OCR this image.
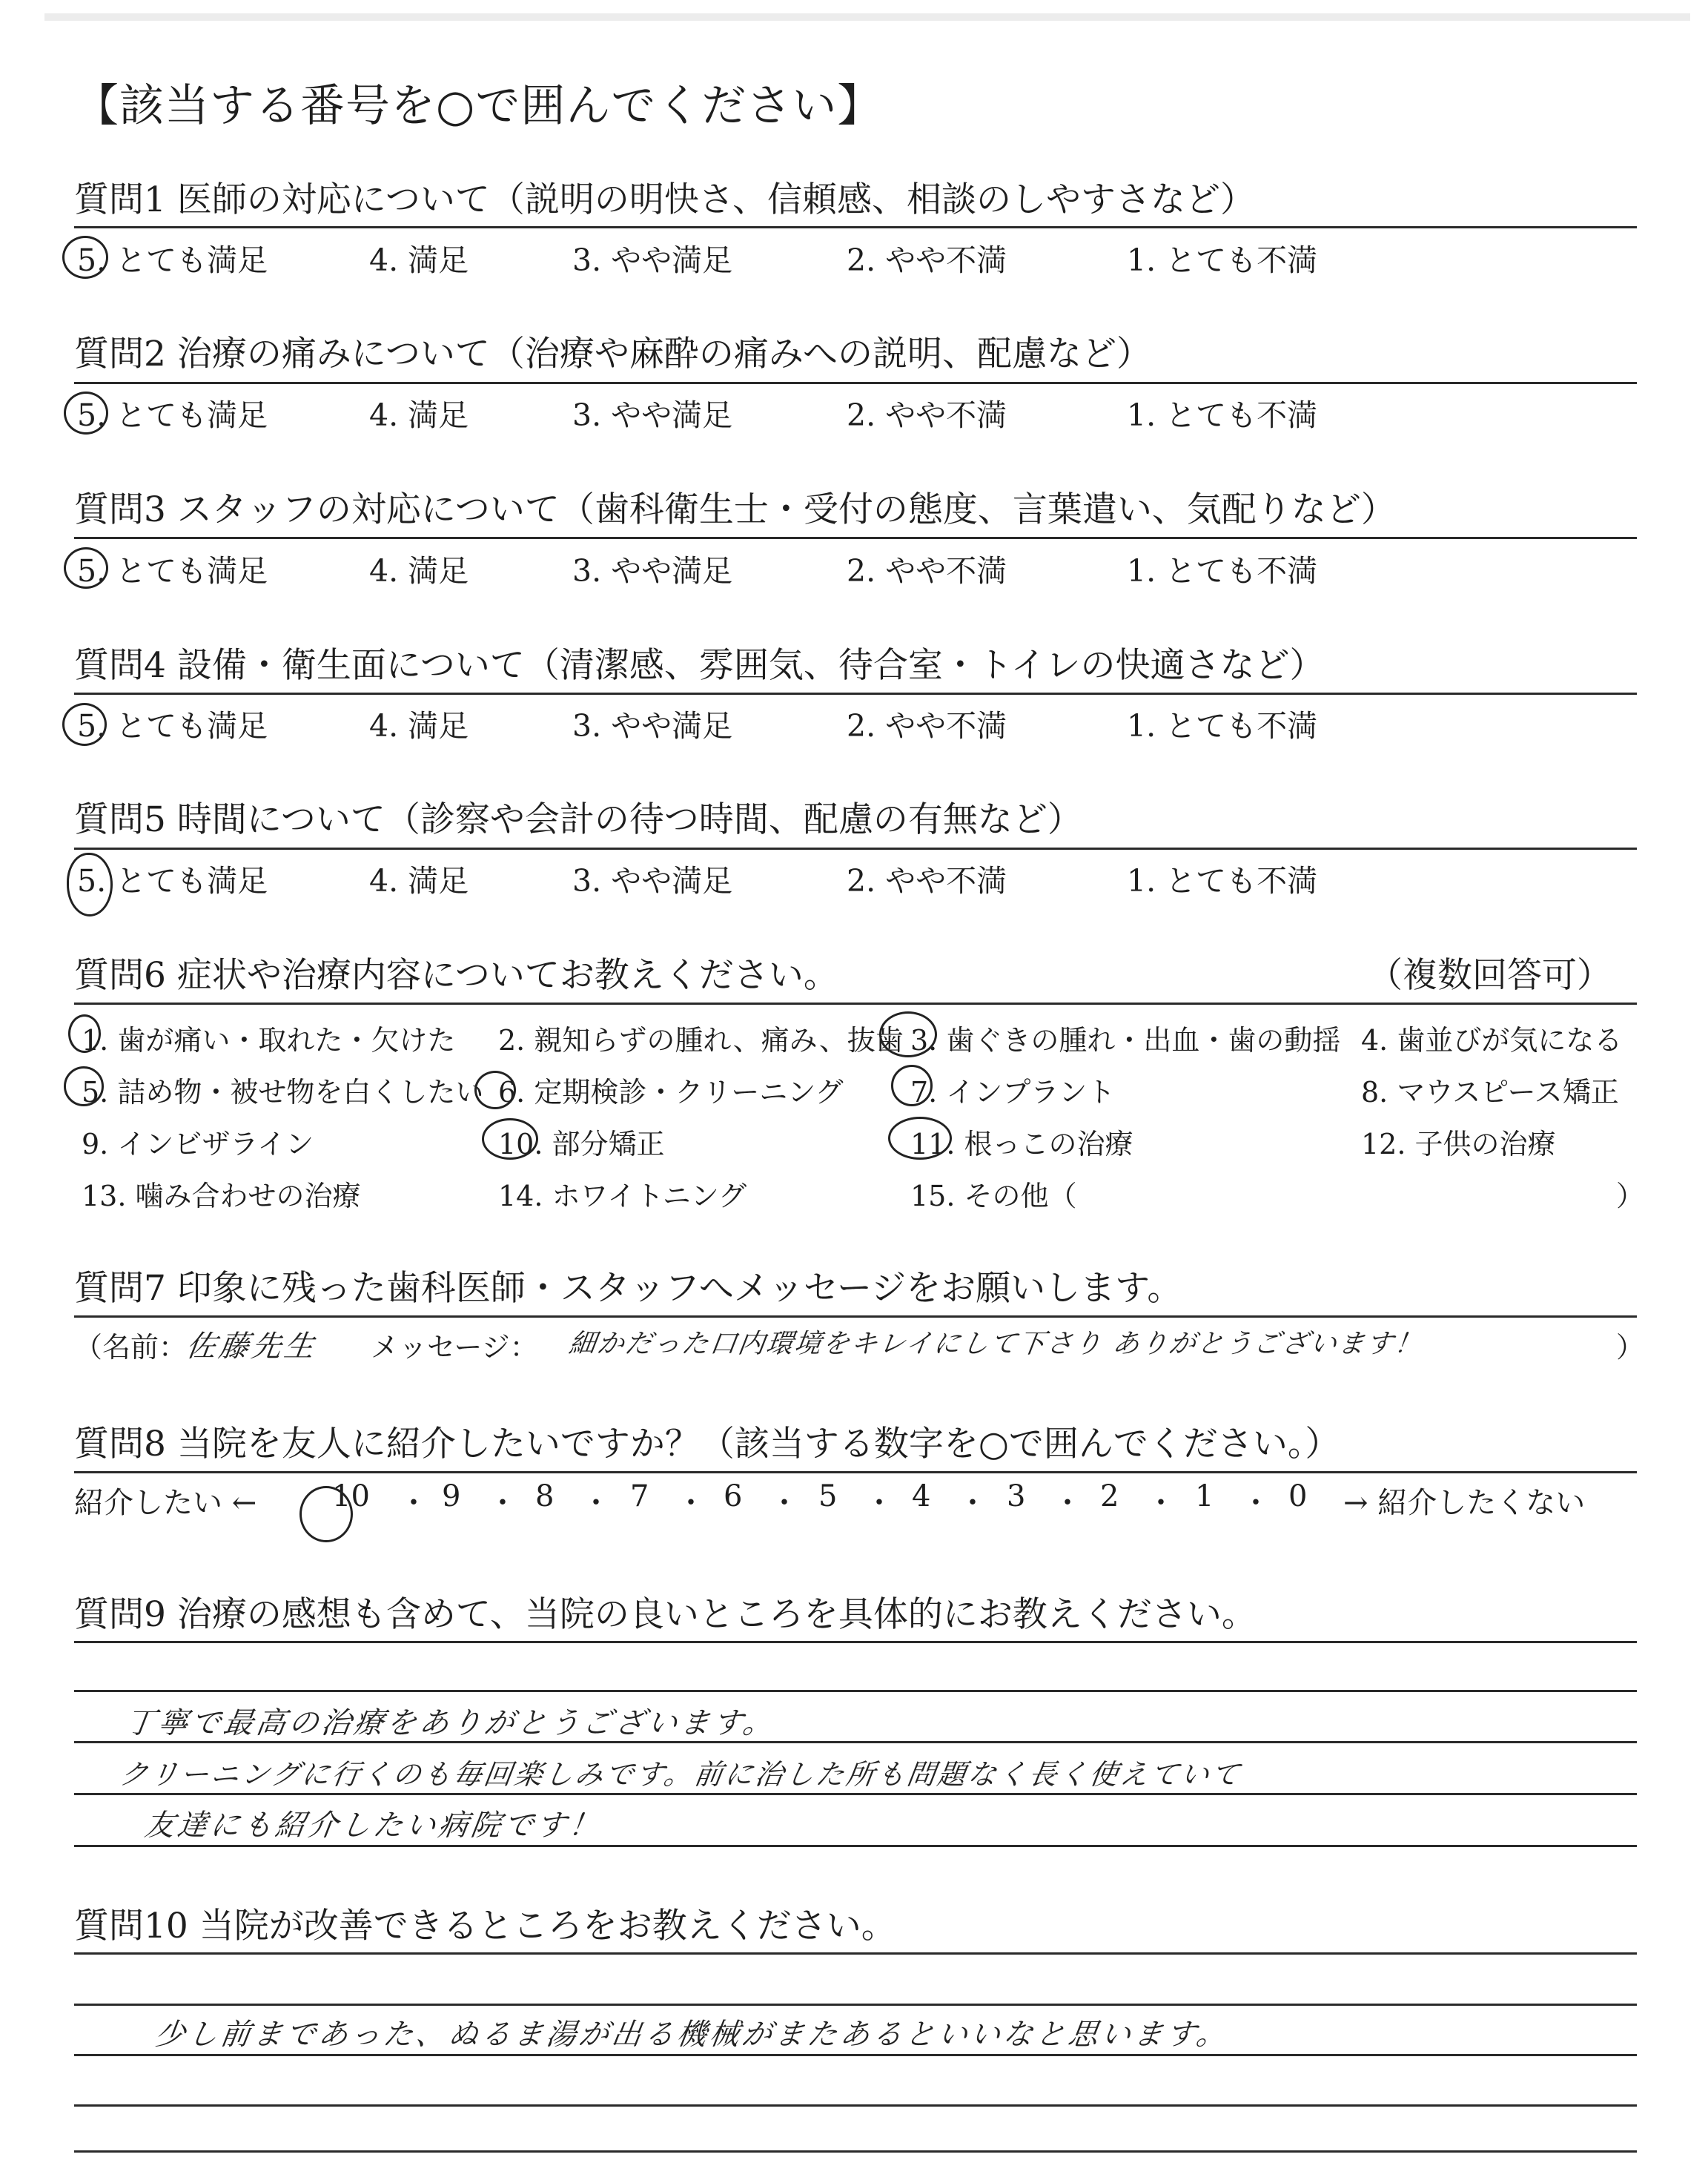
【該当する番号を○で囲んでください】
質問1 医師の対応について（説明の明快さ、信頼感、相談のしやすさなど）
5. とても満足	4. 満足	3. やや満足	2. やや不満	1. とても不満
質問2 治療の痛みについて（治療や麻酔の痛みへの説明、配慮など）
5. とても満足	4. 満足	3. やや満足	2. やや不満	1. とても不満
質問3 スタッフの対応について（歯科衛生士・受付の態度、言葉遣い、気配りなど）
5. とても満足	4. 満足	3. やや満足	2. やや不満	1. とても不満
質問4 設備・衛生面について（清潔感、雰囲気、待合室・トイレの快適さなど）
5. とても満足	4. 満足	3. やや満足	2. やや不満	1. とても不満
質問5 時間について（診察や会計の待つ時間、配慮の有無など）
5. とても満足	4. 満足	3. やや満足	2. やや不満	1. とても不満
質問6 症状や治療内容についてお教えください。	（複数回答可）
1. 歯が痛い・取れた・欠けた 2. 親知らずの腫れ、痛み、抜歯 3. 歯ぐきの腫れ・出血・歯の動揺 4. 歯並びが気になる
5. 詰め物・被せ物を白くしたい 6. 定期検診・クリーニング 7. インプラント	8. マウスピース矯正
9. インビザライン	10. 部分矯正	11. 根っこの治療	12. 子供の治療
13. 噛み合わせの治療	14. ホワイトニング	15. その他（	）
質問7 印象に残った歯科医師・スタッフへメッセージをお願いします。
（名前：
佐藤先生 メッセージ： 細かだった口内環境をキレイにして下さり ありがとうございます！	）
質問8 当院を友人に紹介したいですか？（該当する数字を○で囲んでください。）
紹介したい ←	10 ・ 9 ・ 8 ・ 7 ・ 6 ・ 5 ・ 4 ・ 3 ・ 2 ・ 1 ・ 0 → 紹介したくない
質問9 治療の感想も含めて、当院の良いところを具体的にお教えください。
丁寧で最高の治療をありがとうございます。
クリーニングに行くのも毎回楽しみです。前に治した所も問題なく長く使えていて
友達にも紹介したい病院です！
質問10 当院が改善できるところをお教えください。
少し前まであった、ぬるま湯が出る機械がまたあるといいなと思います。
